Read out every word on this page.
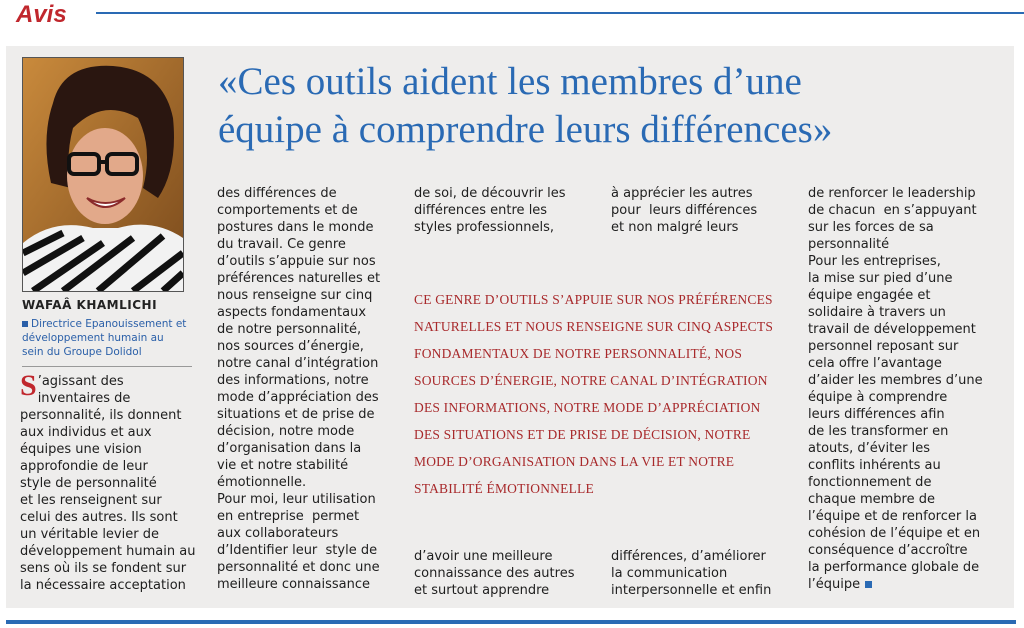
Avis
WAFAÂ KHAMLICHI
Directrice Epanouissement et développement humain au sein du Groupe Dolidol
«Ces outils aident les membres d’une
équipe à comprendre leurs différences»
S ’agissant des
inventaires de
personnalité, ils donnent
aux individus et aux
équipes une vision
approfondie de leur
style de personnalité
et les renseignent sur
celui des autres. Ils sont
un véritable levier de
développement humain au
sens où ils se fondent sur
la nécessaire acceptation
des différences de
comportements et de
postures dans le monde
du travail. Ce genre
d’outils s’appuie sur nos
préférences naturelles et
nous renseigne sur cinq
aspects fondamentaux
de notre personnalité,
nos sources d’énergie,
notre canal d’intégration
des informations, notre
mode d’appréciation des
situations et de prise de
décision, notre mode
d’organisation dans la
vie et notre stabilité
émotionnelle.
Pour moi, leur utilisation
en entreprise  permet
aux collaborateurs
d’Identifier leur  style de
personnalité et donc une
meilleure connaissance
de soi, de découvrir les
différences entre les
styles professionnels,
à apprécier les autres
pour  leurs différences
et non malgré leurs
CE GENRE D’OUTILS S’APPUIE SUR NOS PRÉFÉRENCES
NATURELLES ET NOUS RENSEIGNE SUR CINQ ASPECTS
FONDAMENTAUX DE NOTRE PERSONNALITÉ, NOS
SOURCES D’ÉNERGIE, NOTRE CANAL D’INTÉGRATION
DES INFORMATIONS, NOTRE MODE D’APPRÉCIATION
DES SITUATIONS ET DE PRISE DE DÉCISION, NOTRE
MODE D’ORGANISATION DANS LA VIE ET NOTRE
STABILITÉ ÉMOTIONNELLE
d’avoir une meilleure
connaissance des autres
et surtout apprendre
différences, d’améliorer
la communication
interpersonnelle et enfin
de renforcer le leadership
de chacun  en s’appuyant
sur les forces de sa
personnalité
Pour les entreprises,
la mise sur pied d’une
équipe engagée et
solidaire à travers un
travail de développement
personnel reposant sur
cela offre l’avantage
d’aider les membres d’une
équipe à comprendre
leurs différences afin
de les transformer en
atouts, d’éviter les
conflits inhérents au
fonctionnement de
chaque membre de
l’équipe et de renforcer la
cohésion de l’équipe et en
conséquence d’accroître
la performance globale de
l’équipe
